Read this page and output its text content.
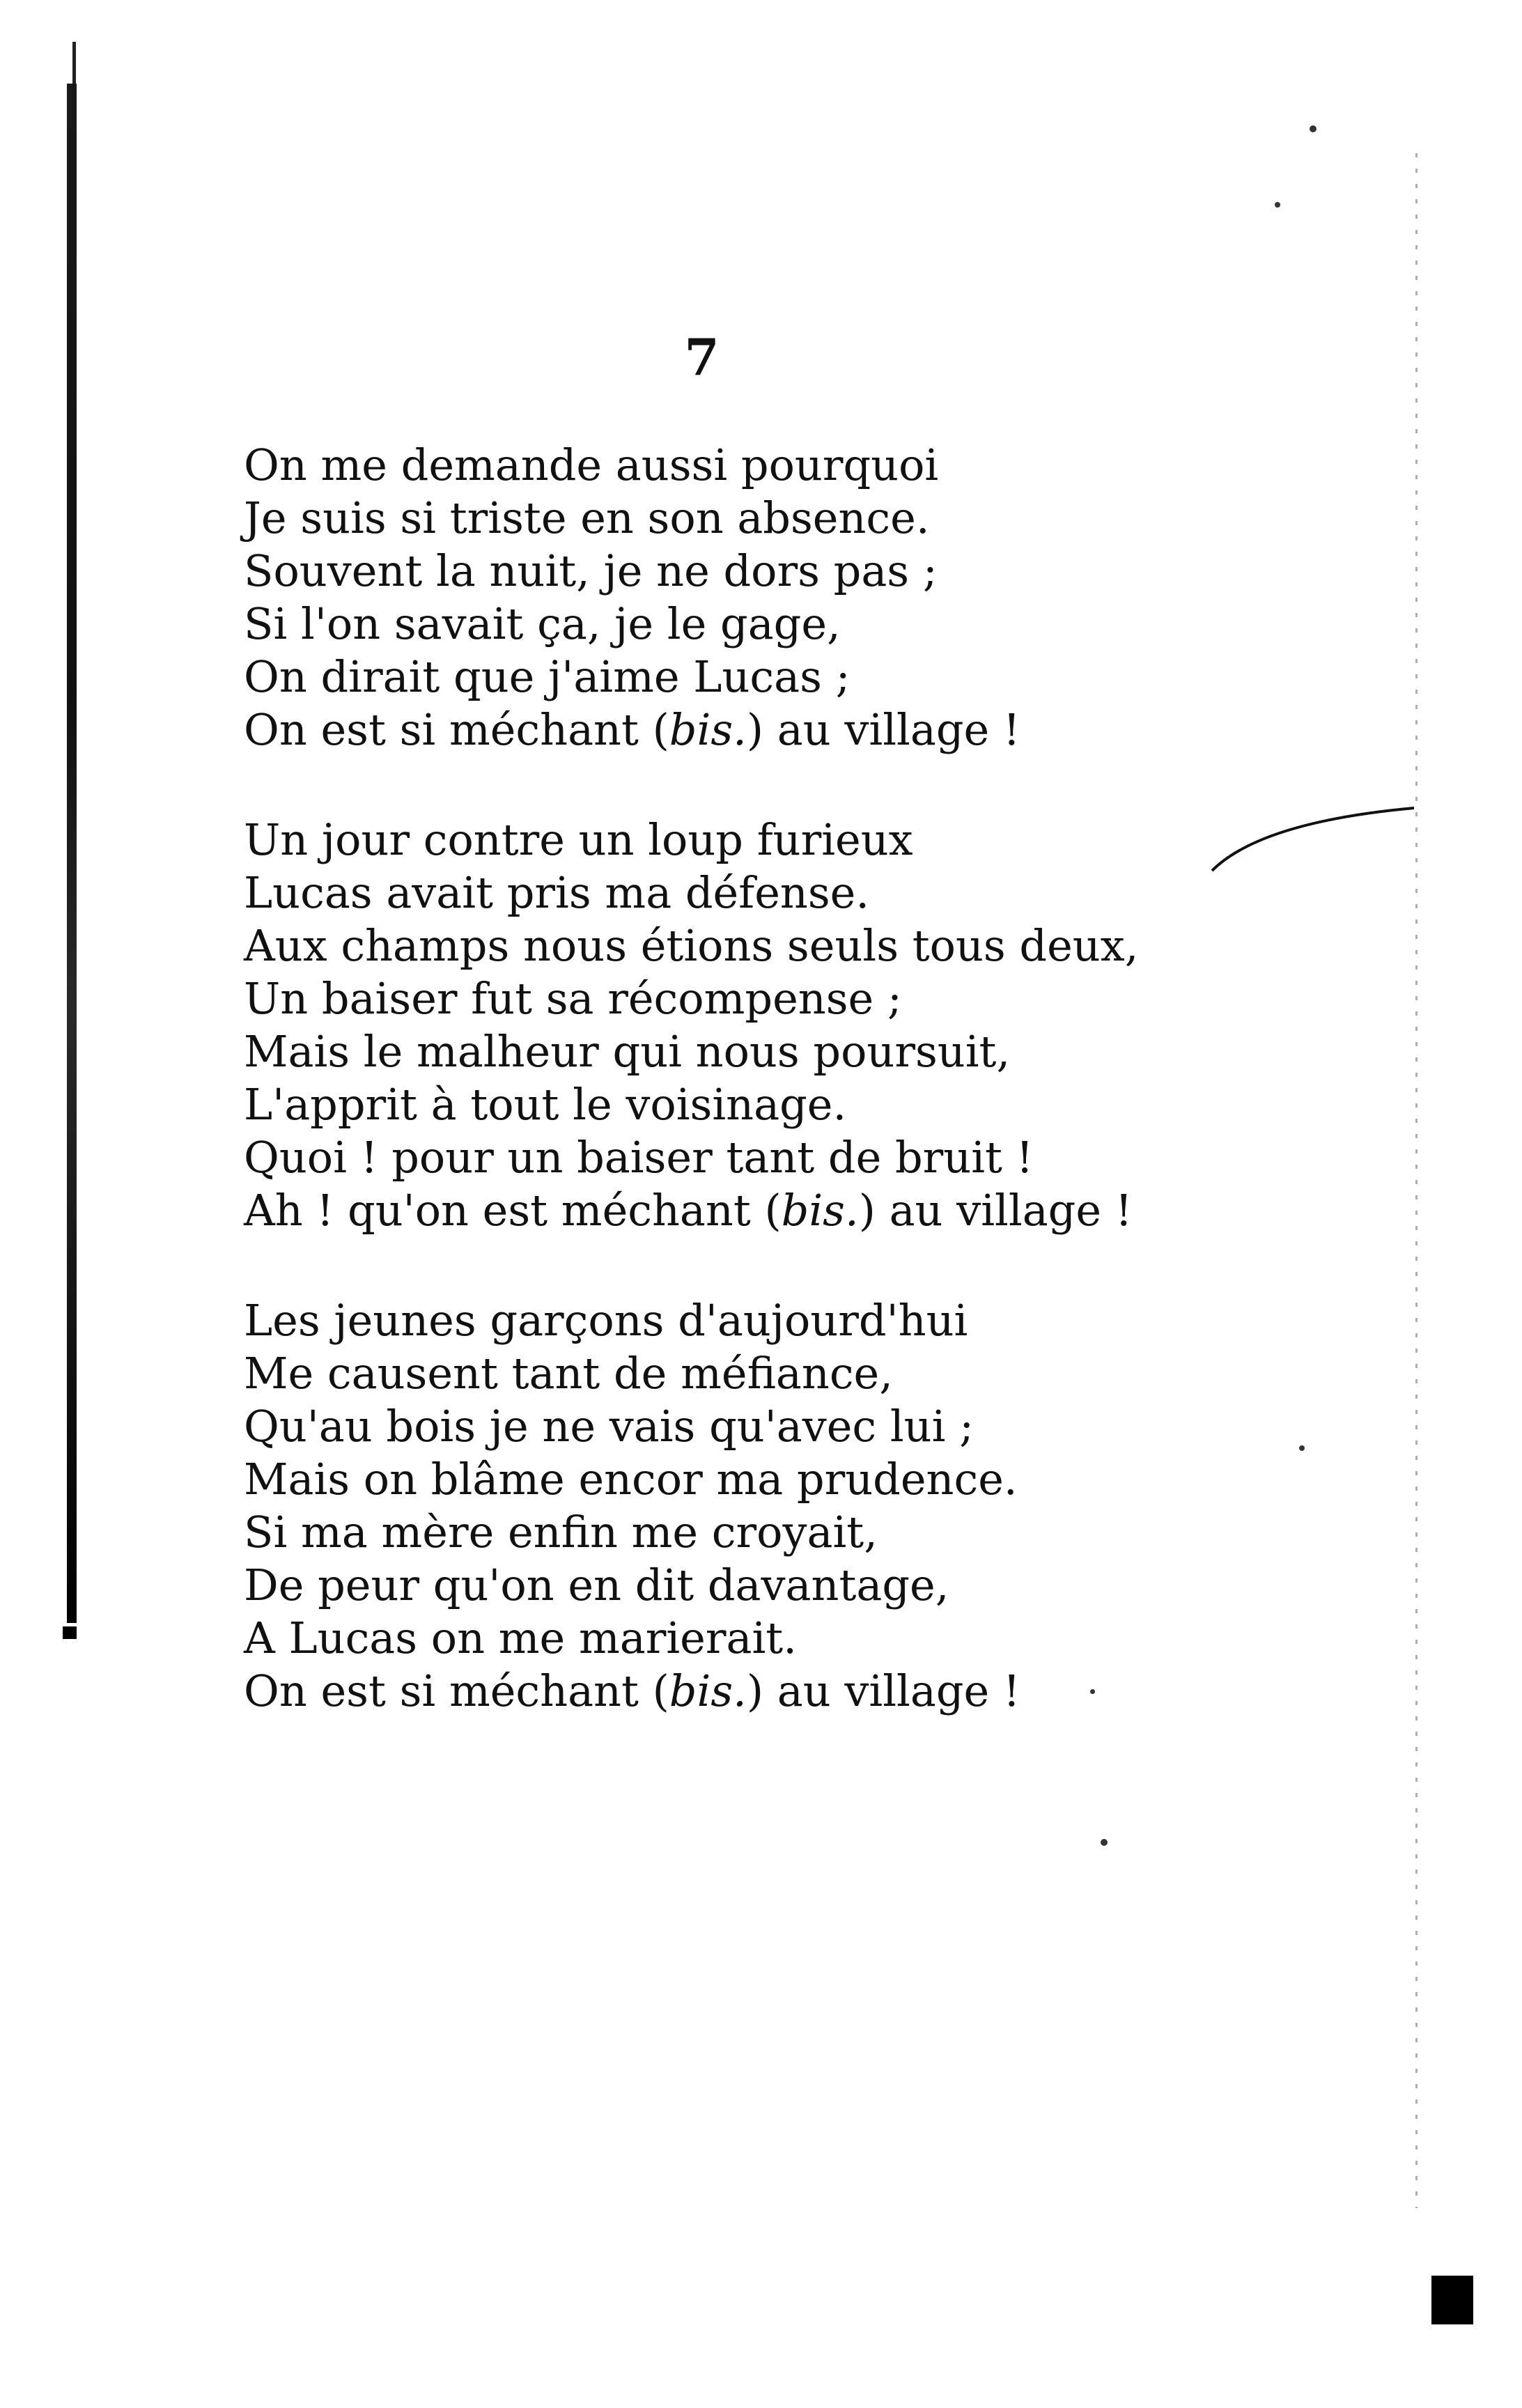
7
On me demande aussi pourquoi
Je suis si triste en son absence.
Souvent la nuit, je ne dors pas ;
Si l'on savait ça, je le gage,
On dirait que j'aime Lucas ;
On est si méchant (bis.) au village !
Un jour contre un loup furieux
Lucas avait pris ma défense.
Aux champs nous étions seuls tous deux,
Un baiser fut sa récompense ;
Mais le malheur qui nous poursuit,
L'apprit à tout le voisinage.
Quoi ! pour un baiser tant de bruit !
Ah ! qu'on est méchant (bis.) au village !
Les jeunes garçons d'aujourd'hui
Me causent tant de méfiance,
Qu'au bois je ne vais qu'avec lui ;
Mais on blâme encor ma prudence.
Si ma mère enfin me croyait,
De peur qu'on en dit davantage,
A Lucas on me marierait.
On est si méchant (bis.) au village !
